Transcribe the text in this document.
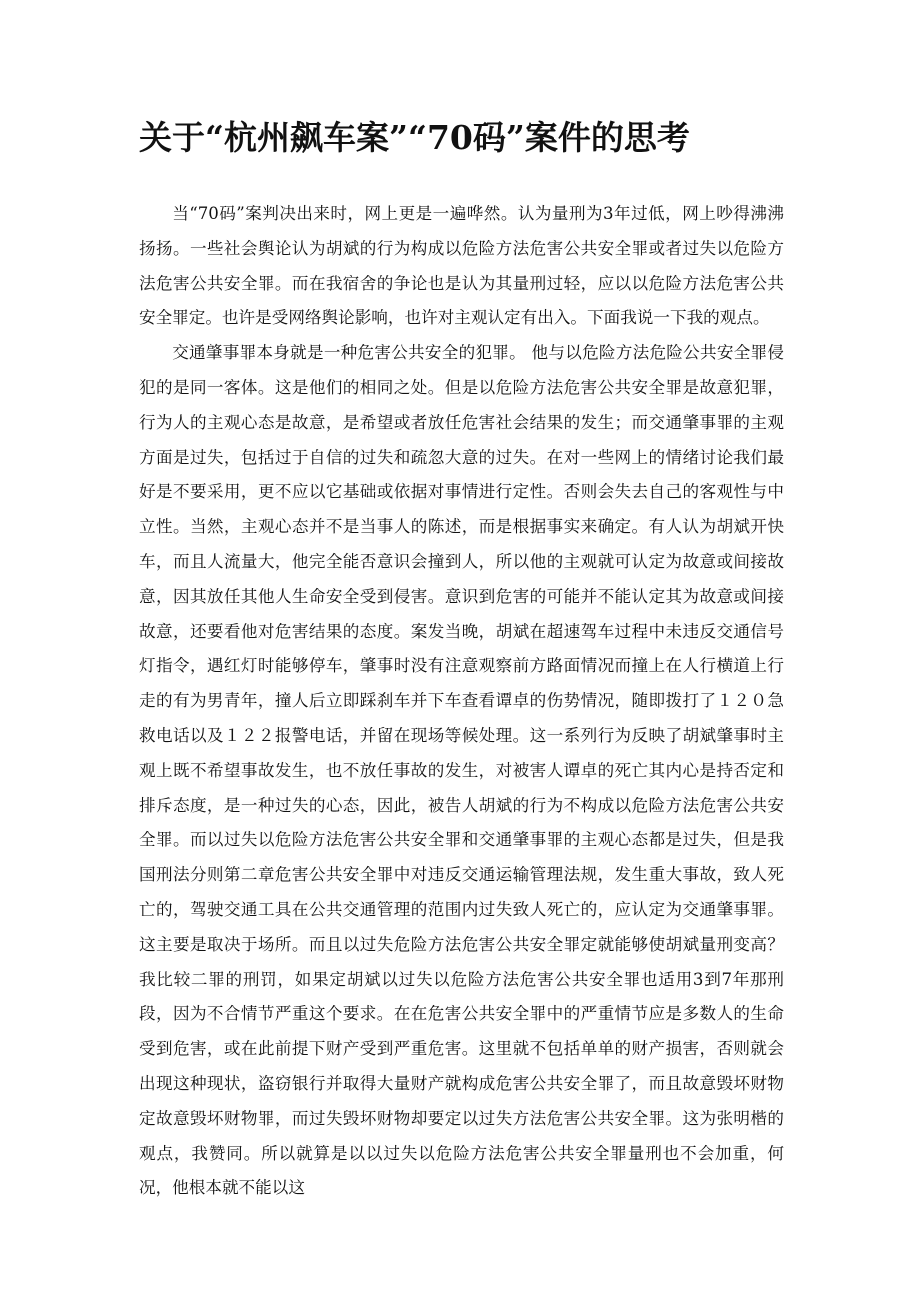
关于“杭州飙车案”“70码”案件的思考

当“70码”案判决出来时，网上更是一遍哗然。认为量刑为3年过低，网上吵得沸沸扬扬。一些社会舆论认为胡斌的行为构成以危险方法危害公共安全罪或者过失以危险方法危害公共安全罪。而在我宿舍的争论也是认为其量刑过轻，应以以危险方法危害公共安全罪定。也许是受网络舆论影响，也许对主观认定有出入。下面我说一下我的观点。

交通肇事罪本身就是一种危害公共安全的犯罪。 他与以危险方法危险公共安全罪侵犯的是同一客体。这是他们的相同之处。但是以危险方法危害公共安全罪是故意犯罪，行为人的主观心态是故意，是希望或者放任危害社会结果的发生；而交通肇事罪的主观方面是过失，包括过于自信的过失和疏忽大意的过失。在对一些网上的情绪讨论我们最好是不要采用，更不应以它基础或依据对事情进行定性。否则会失去自己的客观性与中立性。当然，主观心态并不是当事人的陈述，而是根据事实来确定。有人认为胡斌开快车，而且人流量大，他完全能否意识会撞到人，所以他的主观就可认定为故意或间接故意，因其放任其他人生命安全受到侵害。意识到危害的可能并不能认定其为故意或间接故意，还要看他对危害结果的态度。案发当晚，胡斌在超速驾车过程中未违反交通信号灯指令，遇红灯时能够停车，肇事时没有注意观察前方路面情况而撞上在人行横道上行走的有为男青年，撞人后立即踩刹车并下车查看谭卓的伤势情况，随即拨打了１２０急救电话以及１２２报警电话，并留在现场等候处理。这一系列行为反映了胡斌肇事时主观上既不希望事故发生，也不放任事故的发生，对被害人谭卓的死亡其内心是持否定和排斥态度，是一种过失的心态，因此，被告人胡斌的行为不构成以危险方法危害公共安全罪。而以过失以危险方法危害公共安全罪和交通肇事罪的主观心态都是过失，但是我国刑法分则第二章危害公共安全罪中对违反交通运输管理法规，发生重大事故，致人死亡的，驾驶交通工具在公共交通管理的范围内过失致人死亡的，应认定为交通肇事罪。这主要是取决于场所。而且以过失危险方法危害公共安全罪定就能够使胡斌量刑变高？我比较二罪的刑罚，如果定胡斌以过失以危险方法危害公共安全罪也适用3到7年那刑段，因为不合情节严重这个要求。在在危害公共安全罪中的严重情节应是多数人的生命受到危害，或在此前提下财产受到严重危害。这里就不包括单单的财产损害，否则就会出现这种现状，盗窃银行并取得大量财产就构成危害公共安全罪了，而且故意毁坏财物定故意毁坏财物罪，而过失毁坏财物却要定以过失方法危害公共安全罪。这为张明楷的观点，我赞同。所以就算是以以过失以危险方法危害公共安全罪量刑也不会加重，何况，他根本就不能以这
